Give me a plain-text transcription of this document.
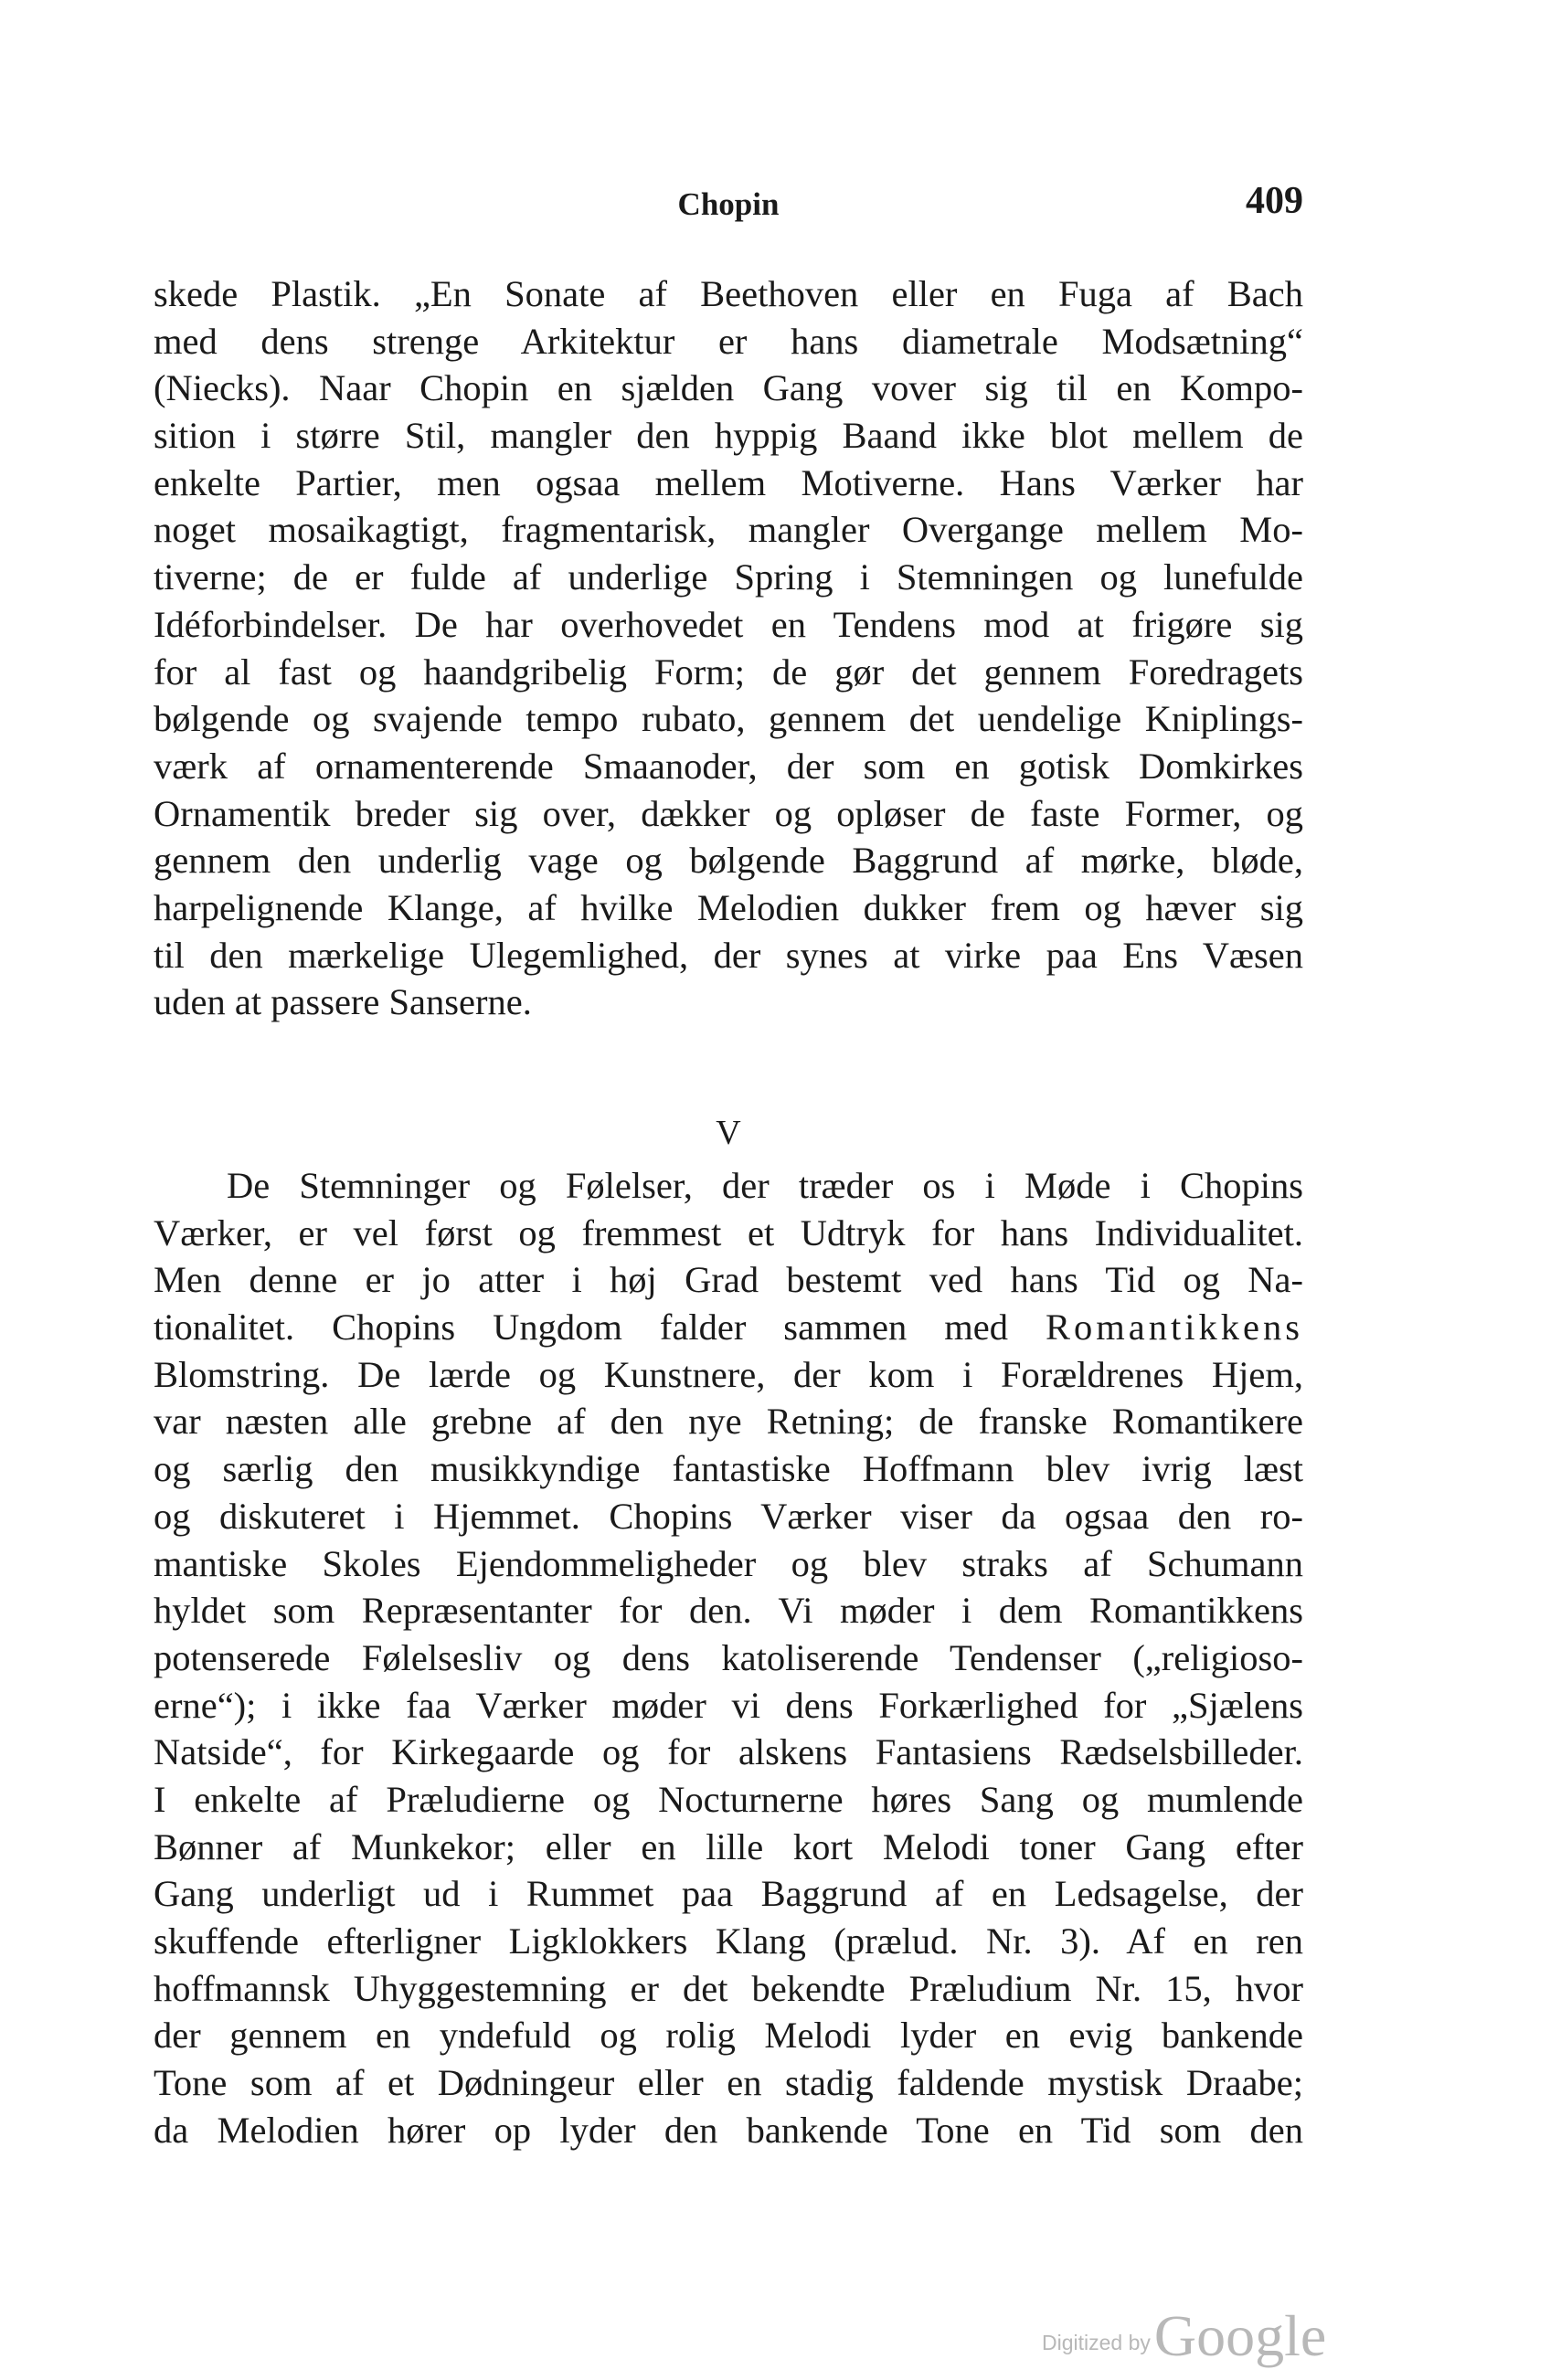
Chopin	409
skede Plastik. „En Sonate af Beethoven eller en Fuga af Bach
med dens strenge Arkitektur er hans diametrale Modsætning“
(Niecks). Naar Chopin en sjælden Gang vover sig til en Kompo-
sition i større Stil, mangler den hyppig Baand ikke blot mellem de
enkelte Partier, men ogsaa mellem Motiverne. Hans Værker har
noget mosaikagtigt, fragmentarisk, mangler Overgange mellem Mo-
tiverne; de er fulde af underlige Spring i Stemningen og lunefulde
Idéforbindelser. De har overhovedet en Tendens mod at frigøre sig
for al fast og haandgribelig Form; de gør det gennem Foredragets
bølgende og svajende tempo rubato, gennem det uendelige Kniplings-
værk af ornamenterende Smaanoder, der som en gotisk Domkirkes
Ornamentik breder sig over, dækker og opløser de faste Former, og
gennem den underlig vage og bølgende Baggrund af mørke, bløde,
harpelignende Klange, af hvilke Melodien dukker frem og hæver sig
til den mærkelige Ulegemlighed, der synes at virke paa Ens Væsen
uden at passere Sanserne.
V
De Stemninger og Følelser, der træder os i Møde i Chopins
Værker, er vel først og fremmest et Udtryk for hans Individualitet.
Men denne er jo atter i høj Grad bestemt ved hans Tid og Na-
tionalitet. Chopins Ungdom falder sammen med Romantikkens
Blomstring. De lærde og Kunstnere, der kom i Forældrenes Hjem,
var næsten alle grebne af den nye Retning; de franske Romantikere
og særlig den musikkyndige fantastiske Hoffmann blev ivrig læst
og diskuteret i Hjemmet. Chopins Værker viser da ogsaa den ro-
mantiske Skoles Ejendommeligheder og blev straks af Schumann
hyldet som Repræsentanter for den. Vi møder i dem Romantikkens
potenserede Følelsesliv og dens katoliserende Tendenser („religioso-
erne“); i ikke faa Værker møder vi dens Forkærlighed for „Sjælens
Natside“, for Kirkegaarde og for alskens Fantasiens Rædselsbilleder.
I enkelte af Præludierne og Nocturnerne høres Sang og mumlende
Bønner af Munkekor; eller en lille kort Melodi toner Gang efter
Gang underligt ud i Rummet paa Baggrund af en Ledsagelse, der
skuffende efterligner Ligklokkers Klang (prælud. Nr. 3). Af en ren
hoffmannsk Uhyggestemning er det bekendte Præludium Nr. 15, hvor
der gennem en yndefuld og rolig Melodi lyder en evig bankende
Tone som af et Dødningeur eller en stadig faldende mystisk Draabe;
da Melodien hører op lyder den bankende Tone en Tid som den
Digitized by Google
